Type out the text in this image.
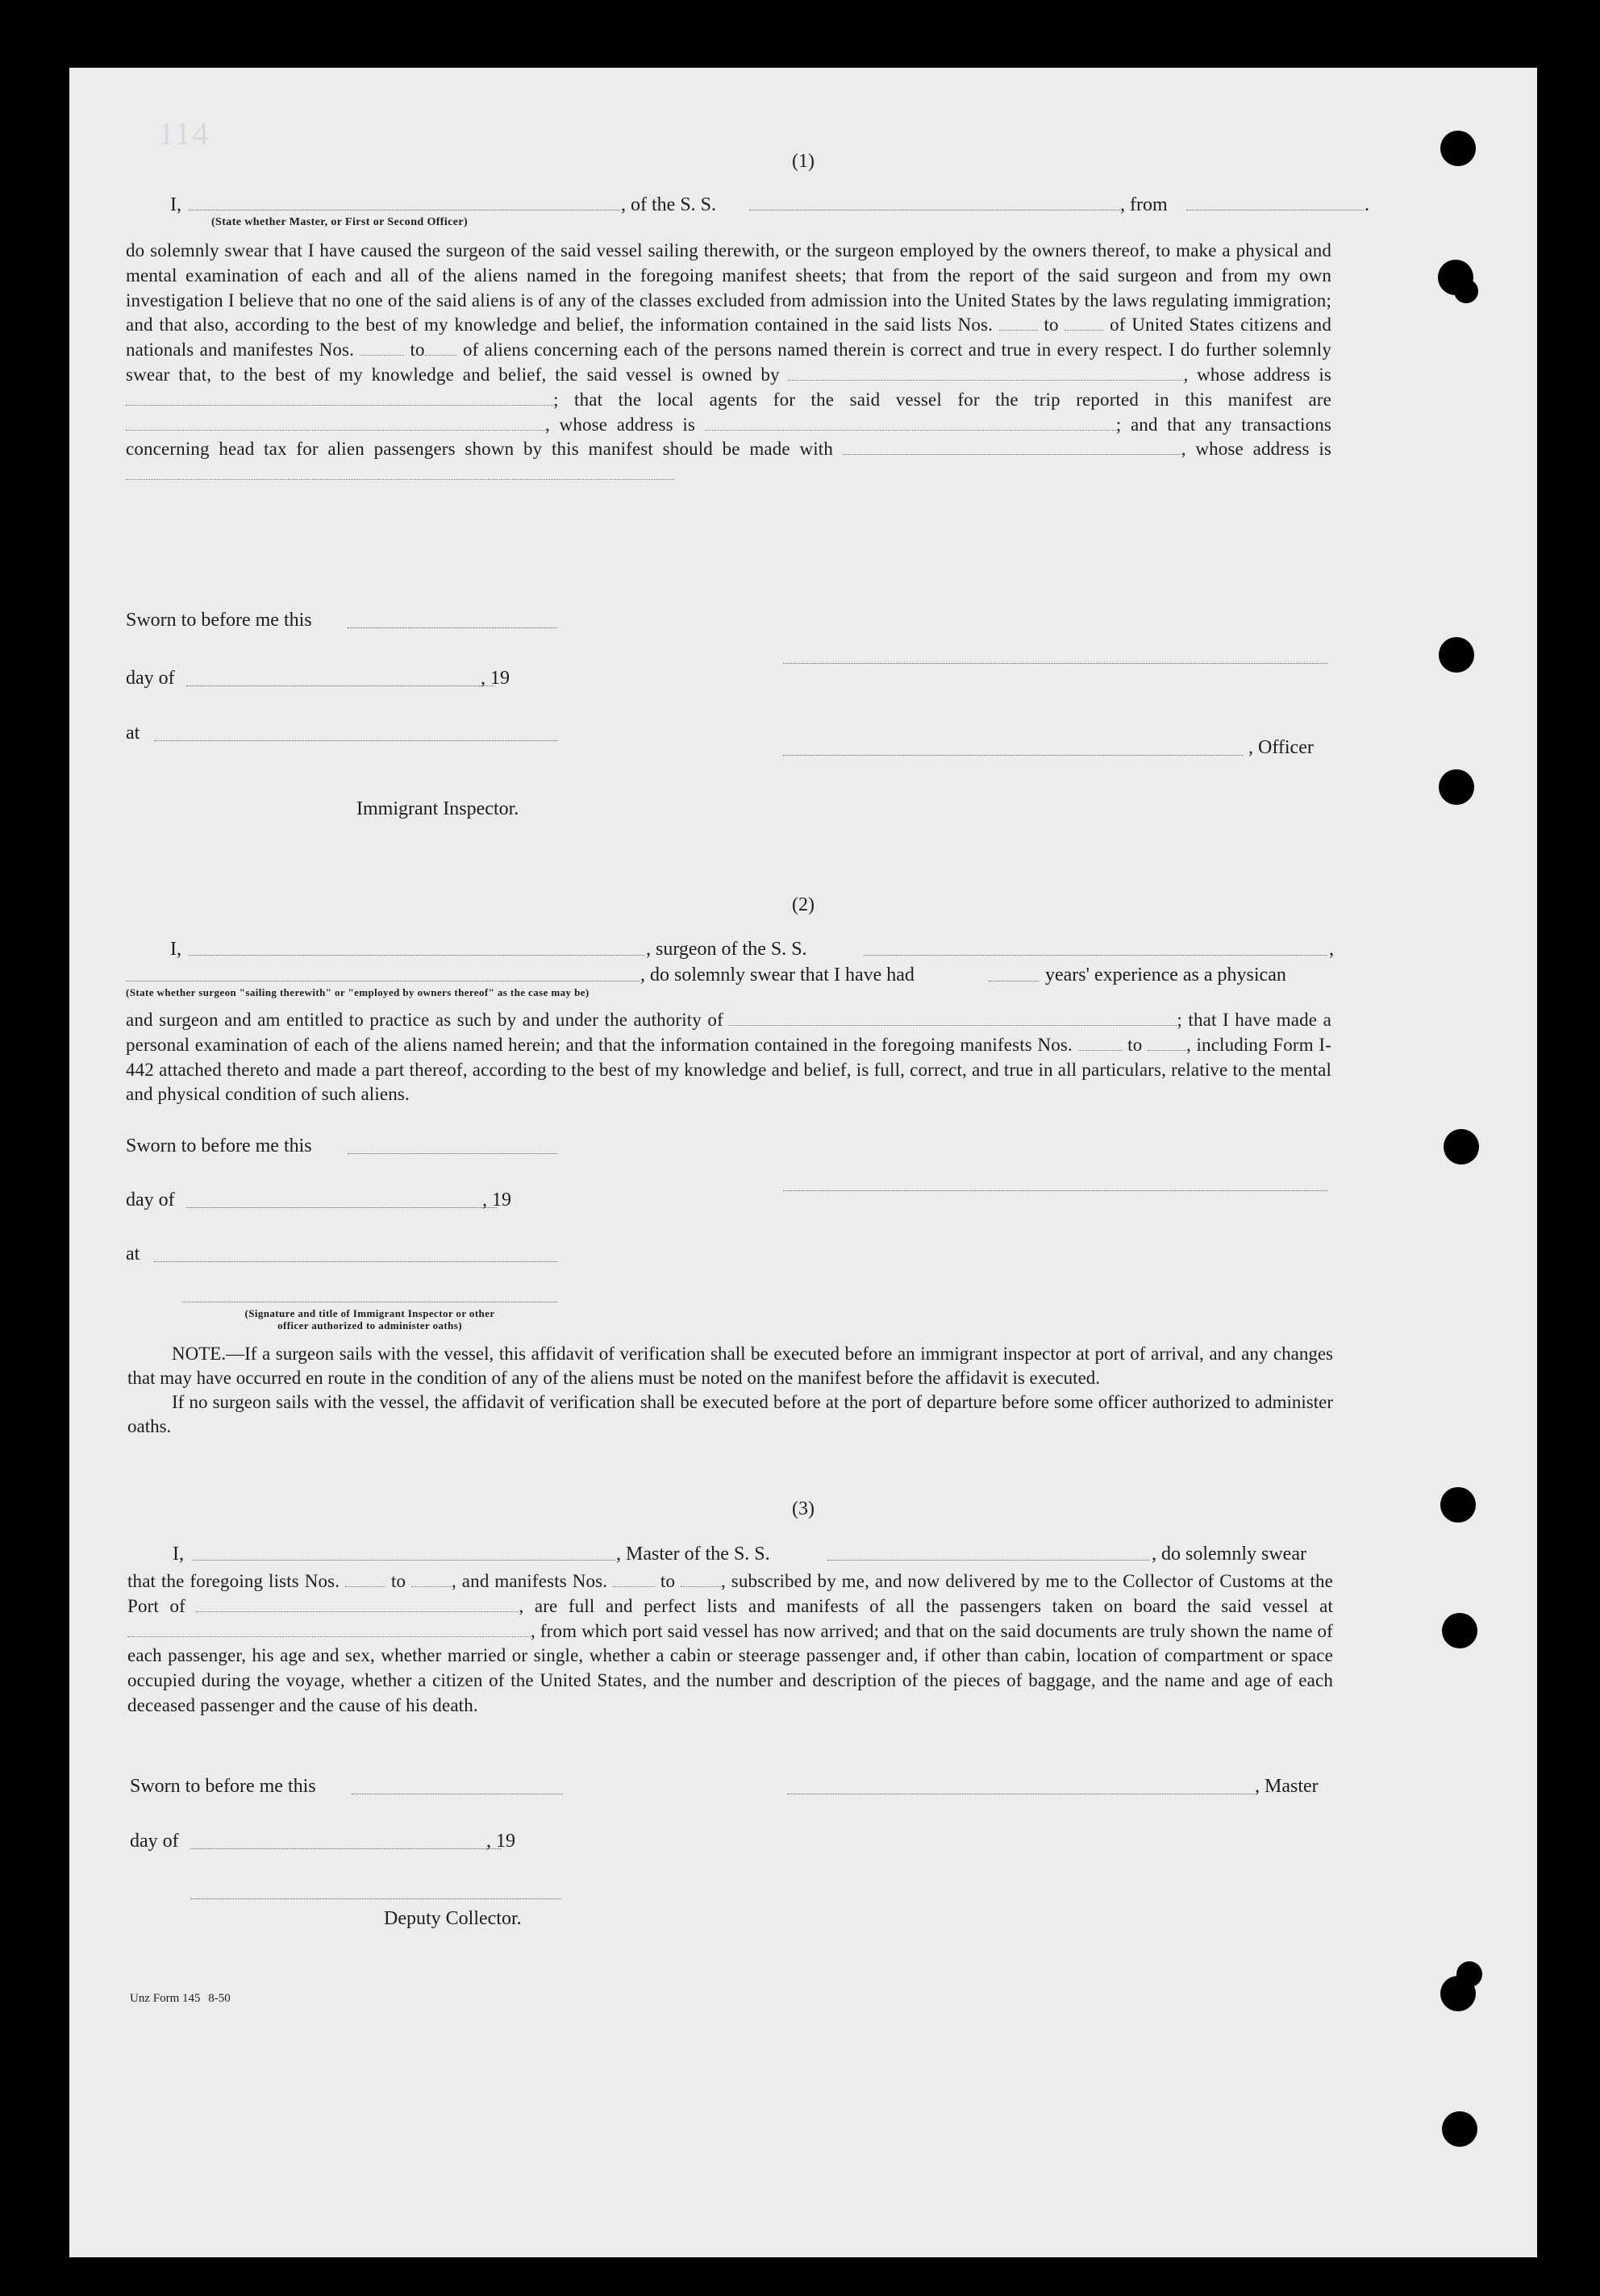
114
(1)
I,	, of the S. S.	, from	.
(State whether Master, or First or Second Officer)

do solemnly swear that I have caused the surgeon of the said vessel sailing therewith, or the surgeon employed by the owners thereof, to make a physical and mental examination of each and all of the aliens named in the foregoing manifest sheets; that from the report of the said surgeon and from my own investigation I believe that no one of the said aliens is of any of the classes excluded from admission into the United States by the laws regulating immigration; and that also, according to the best of my knowledge and belief, the information contained in the said lists Nos.	to	of United States citizens and nationals and manifestes Nos.	to of aliens concerning each of the persons named therein is correct and true in every respect. I do further solemnly swear that, to the best of my knowledge and belief, the said vessel is owned by	, whose address is ; that the local agents for the said vessel for the trip reported in this manifest are , whose address is	; and that any transactions concerning head tax for alien passengers shown by this manifest should be made with	, whose address is

Sworn to before me this
day of	, 19
at
, Officer
Immigrant Inspector.
(2)
I,	, surgeon of the S. S.	,
, do solemnly swear that I have had	years' experience as a physican
(State whether surgeon "sailing therewith" or "employed by owners thereof" as the case may be)

and surgeon and am entitled to practice as such by and under the authority of	; that I have made a personal examination of each of the aliens named herein; and that the information contained in the foregoing manifests Nos.	to , including Form I-442 attached thereto and made a part thereof, according to the best of my knowledge and belief, is full, correct, and true in all particulars, relative to the mental and physical condition of such aliens.

Sworn to before me this
day of	, 19
at
(Signature and title of Immigrant Inspector or other
officer authorized to administer oaths)

NOTE.—If a surgeon sails with the vessel, this affidavit of verification shall be executed before an immigrant inspector at port of arrival, and any changes that may have occurred en route in the condition of any of the aliens must be noted on the manifest before the affidavit is executed.

If no surgeon sails with the vessel, the affidavit of verification shall be executed before at the port of departure before some officer authorized to administer oaths.

(3)
I,	, Master of the S. S.	, do solemnly swear

that the foregoing lists Nos.	to , and manifests Nos.	to , subscribed by me, and now delivered by me to the Collector of Customs at the Port of	, are full and perfect lists and manifests of all the passengers taken on board the said vessel at , from which port said vessel has now arrived; and that on the said documents are truly shown the name of each passenger, his age and sex, whether married or single, whether a cabin or steerage passenger and, if other than cabin, location of compartment or space occupied during the voyage, whether a citizen of the United States, and the number and description of the pieces of baggage, and the name and age of each deceased passenger and the cause of his death.

Sworn to before me this	, Master
day of	, 19
Deputy Collector.
Unz Form 145 8-50
